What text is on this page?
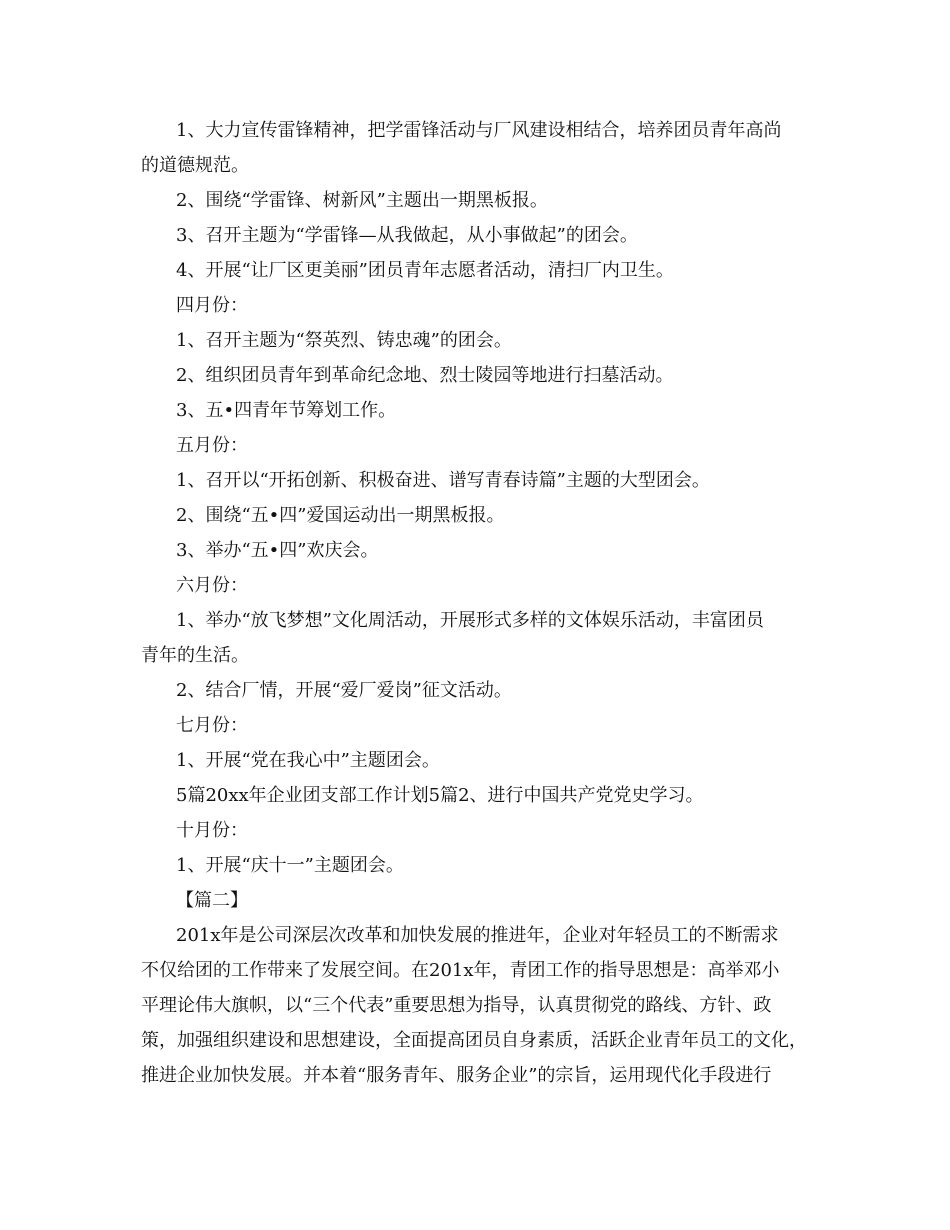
1、大力宣传雷锋精神，把学雷锋活动与厂风建设相结合，培养团员青年高尚
的道德规范。
2、围绕“学雷锋、树新风”主题出一期黑板报。
3、召开主题为“学雷锋—从我做起，从小事做起”的团会。
4、开展“让厂区更美丽”团员青年志愿者活动，清扫厂内卫生。
四月份：
1、召开主题为“祭英烈、铸忠魂”的团会。
2、组织团员青年到革命纪念地、烈士陵园等地进行扫墓活动。
3、五•四青年节筹划工作。
五月份：
1、召开以“开拓创新、积极奋进、谱写青春诗篇”主题的大型团会。
2、围绕“五•四”爱国运动出一期黑板报。
3、举办“五•四”欢庆会。
六月份：
1、举办“放飞梦想”文化周活动，开展形式多样的文体娱乐活动，丰富团员
青年的生活。
2、结合厂情，开展“爱厂爱岗”征文活动。
七月份：
1、开展“党在我心中”主题团会。
5篇20xx年企业团支部工作计划5篇2、进行中国共产党党史学习。
十月份：
1、开展“庆十一”主题团会。
【篇二】
201x年是公司深层次改革和加快发展的推进年，企业对年轻员工的不断需求
不仅给团的工作带来了发展空间。在201x年，青团工作的指导思想是：高举邓小
平理论伟大旗帜，以“三个代表”重要思想为指导，认真贯彻党的路线、方针、政
策，加强组织建设和思想建设，全面提高团员自身素质，活跃企业青年员工的文化，
推进企业加快发展。并本着“服务青年、服务企业”的宗旨，运用现代化手段进行
